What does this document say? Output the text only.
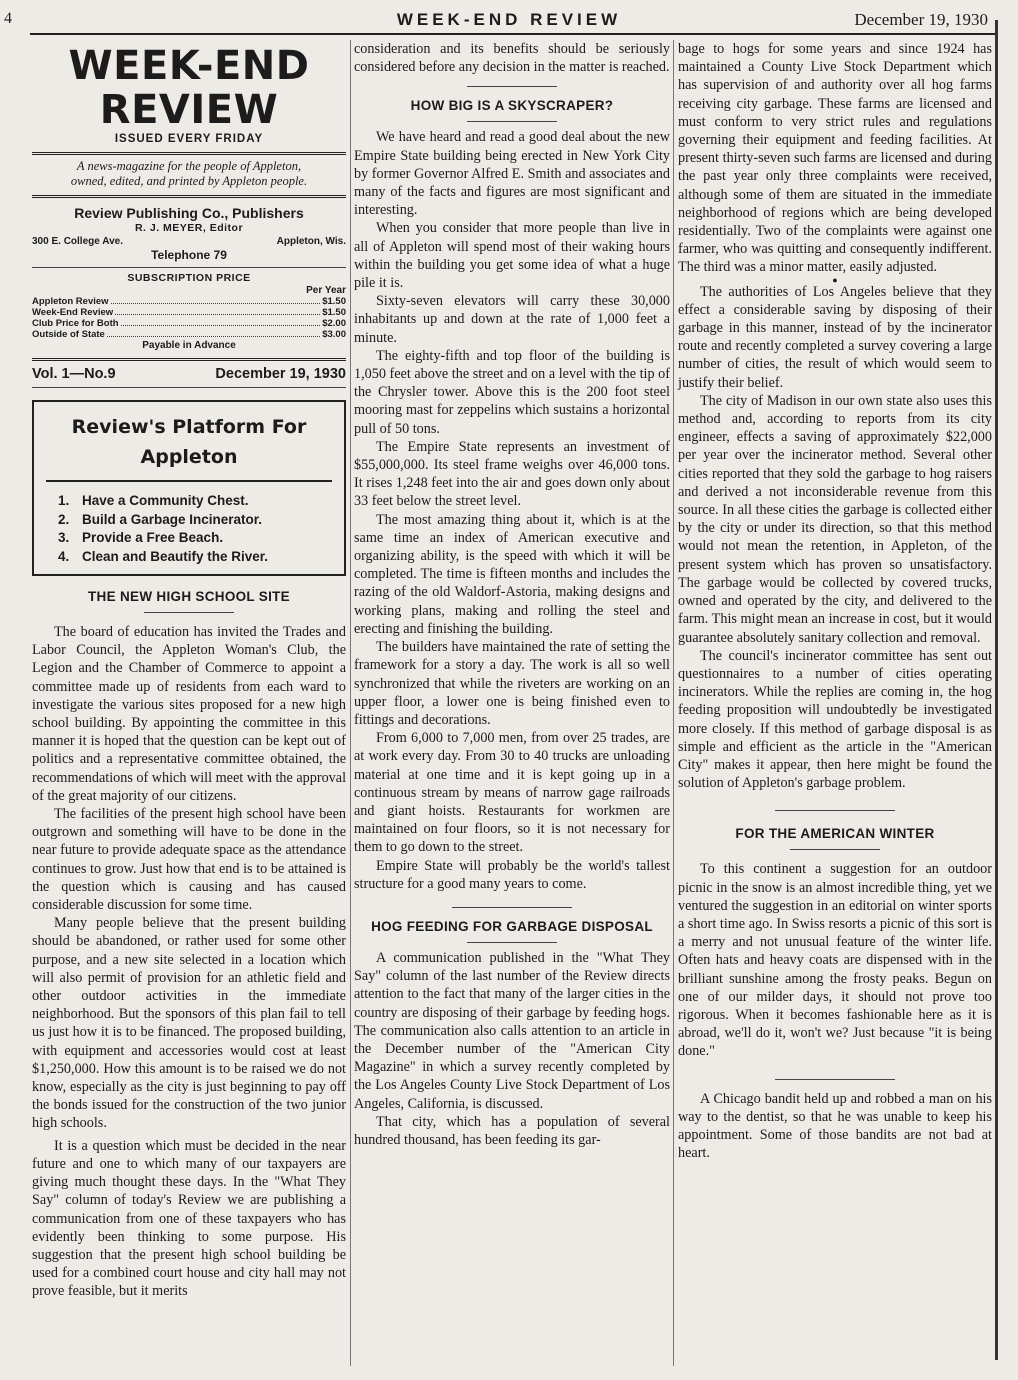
4	WEEK-END REVIEW	December 19, 1930
WEEK-END REVIEW
ISSUED EVERY FRIDAY
A news-magazine for the people of Appleton,
owned, edited, and printed by Appleton people.
Review Publishing Co., Publishers
R. J. MEYER, Editor
300 E. College Ave.	Appleton, Wis.
Telephone 79
SUBSCRIPTION PRICE
Per Year
Appleton Review	$1.50
Week-End Review	$1.50
Club Price for Both	$2.00
Outside of State	$3.00
Payable in Advance
Vol. 1—No.9	December 19, 1930
Review's Platform For
Appleton
1. Have a Community Chest.
2. Build a Garbage Incinerator.
3. Provide a Free Beach.
4. Clean and Beautify the River.
THE NEW HIGH SCHOOL SITE

The board of education has invited the Trades and Labor Council, the Appleton Woman's Club, the Legion and the Chamber of Commerce to appoint a committee made up of residents from each ward to investigate the various sites proposed for a new high school building. By appointing the committee in this manner it is hoped that the question can be kept out of politics and a representative committee obtained, the recommendations of which will meet with the approval of the great majority of our citizens.

The facilities of the present high school have been outgrown and something will have to be done in the near future to provide adequate space as the attendance continues to grow. Just how that end is to be attained is the question which is causing and has caused considerable discussion for some time.

Many people believe that the present building should be abandoned, or rather used for some other purpose, and a new site selected in a location which will also permit of provision for an athletic field and other outdoor activities in the immediate neighborhood. But the sponsors of this plan fail to tell us just how it is to be financed. The proposed building, with equipment and accessories would cost at least $1,250,000. How this amount is to be raised we do not know, especially as the city is just beginning to pay off the bonds issued for the construction of the two junior high schools.

It is a question which must be decided in the near future and one to which many of our taxpayers are giving much thought these days. In the "What They Say" column of today's Review we are publishing a communication from one of these taxpayers who has evidently been thinking to some purpose. His suggestion that the present high school building be used for a combined court house and city hall may not prove feasible, but it merits

consideration and its benefits should be seriously considered before any decision in the matter is reached.

HOW BIG IS A SKYSCRAPER?

We have heard and read a good deal about the new Empire State building being erected in New York City by former Governor Alfred E. Smith and associates and many of the facts and figures are most significant and interesting.

When you consider that more people than live in all of Appleton will spend most of their waking hours within the building you get some idea of what a huge pile it is.

Sixty-seven elevators will carry these 30,000 inhabitants up and down at the rate of 1,000 feet a minute.

The eighty-fifth and top floor of the building is 1,050 feet above the street and on a level with the tip of the Chrysler tower. Above this is the 200 foot steel mooring mast for zeppelins which sustains a horizontal pull of 50 tons.

The Empire State represents an investment of $55,000,000. Its steel frame weighs over 46,000 tons. It rises 1,248 feet into the air and goes down only about 33 feet below the street level.

The most amazing thing about it, which is at the same time an index of American executive and organizing ability, is the speed with which it will be completed. The time is fifteen months and includes the razing of the old Waldorf-Astoria, making designs and working plans, making and rolling the steel and erecting and finishing the building.

The builders have maintained the rate of setting the framework for a story a day. The work is all so well synchronized that while the riveters are working on an upper floor, a lower one is being finished even to fittings and decorations.

From 6,000 to 7,000 men, from over 25 trades, are at work every day. From 30 to 40 trucks are unloading material at one time and it is kept going up in a continuous stream by means of narrow gage railroads and giant hoists. Restaurants for workmen are maintained on four floors, so it is not necessary for them to go down to the street.

Empire State will probably be the world's tallest structure for a good many years to come.

HOG FEEDING FOR GARBAGE DISPOSAL

A communication published in the "What They Say" column of the last number of the Review directs attention to the fact that many of the larger cities in the country are disposing of their garbage by feeding hogs. The communication also calls attention to an article in the December number of the "American City Magazine" in which a survey recently completed by the Los Angeles County Live Stock Department of Los Angeles, California, is discussed.

That city, which has a population of several hundred thousand, has been feeding its gar-

bage to hogs for some years and since 1924 has maintained a County Live Stock Department which has supervision of and authority over all hog farms receiving city garbage. These farms are licensed and must conform to very strict rules and regulations governing their equipment and feeding facilities. At present thirty-seven such farms are licensed and during the past year only three complaints were received, although some of them are situated in the immediate neighborhood of regions which are being developed residentially. Two of the complaints were against one farmer, who was quitting and consequently indifferent. The third was a minor matter, easily adjusted.

●

The authorities of Los Angeles believe that they effect a considerable saving by disposing of their garbage in this manner, instead of by the incinerator route and recently completed a survey covering a large number of cities, the result of which would seem to justify their belief.

The city of Madison in our own state also uses this method and, according to reports from its city engineer, effects a saving of approximately $22,000 per year over the incinerator method. Several other cities reported that they sold the garbage to hog raisers and derived a not inconsiderable revenue from this source. In all these cities the garbage is collected either by the city or under its direction, so that this method would not mean the retention, in Appleton, of the present system which has proven so unsatisfactory. The garbage would be collected by covered trucks, owned and operated by the city, and delivered to the farm. This might mean an increase in cost, but it would guarantee absolutely sanitary collection and removal.

The council's incinerator committee has sent out questionnaires to a number of cities operating incinerators. While the replies are coming in, the hog feeding proposition will undoubtedly be investigated more closely. If this method of garbage disposal is as simple and efficient as the article in the "American City" makes it appear, then here might be found the solution of Appleton's garbage problem.

FOR THE AMERICAN WINTER

To this continent a suggestion for an outdoor picnic in the snow is an almost incredible thing, yet we ventured the suggestion in an editorial on winter sports a short time ago. In Swiss resorts a picnic of this sort is a merry and not unusual feature of the winter life. Often hats and heavy coats are dispensed with in the brilliant sunshine among the frosty peaks. Begun on one of our milder days, it should not prove too rigorous. When it becomes fashionable here as it is abroad, we'll do it, won't we? Just because "it is being done."

A Chicago bandit held up and robbed a man on his way to the dentist, so that he was unable to keep his appointment. Some of those bandits are not bad at heart.
